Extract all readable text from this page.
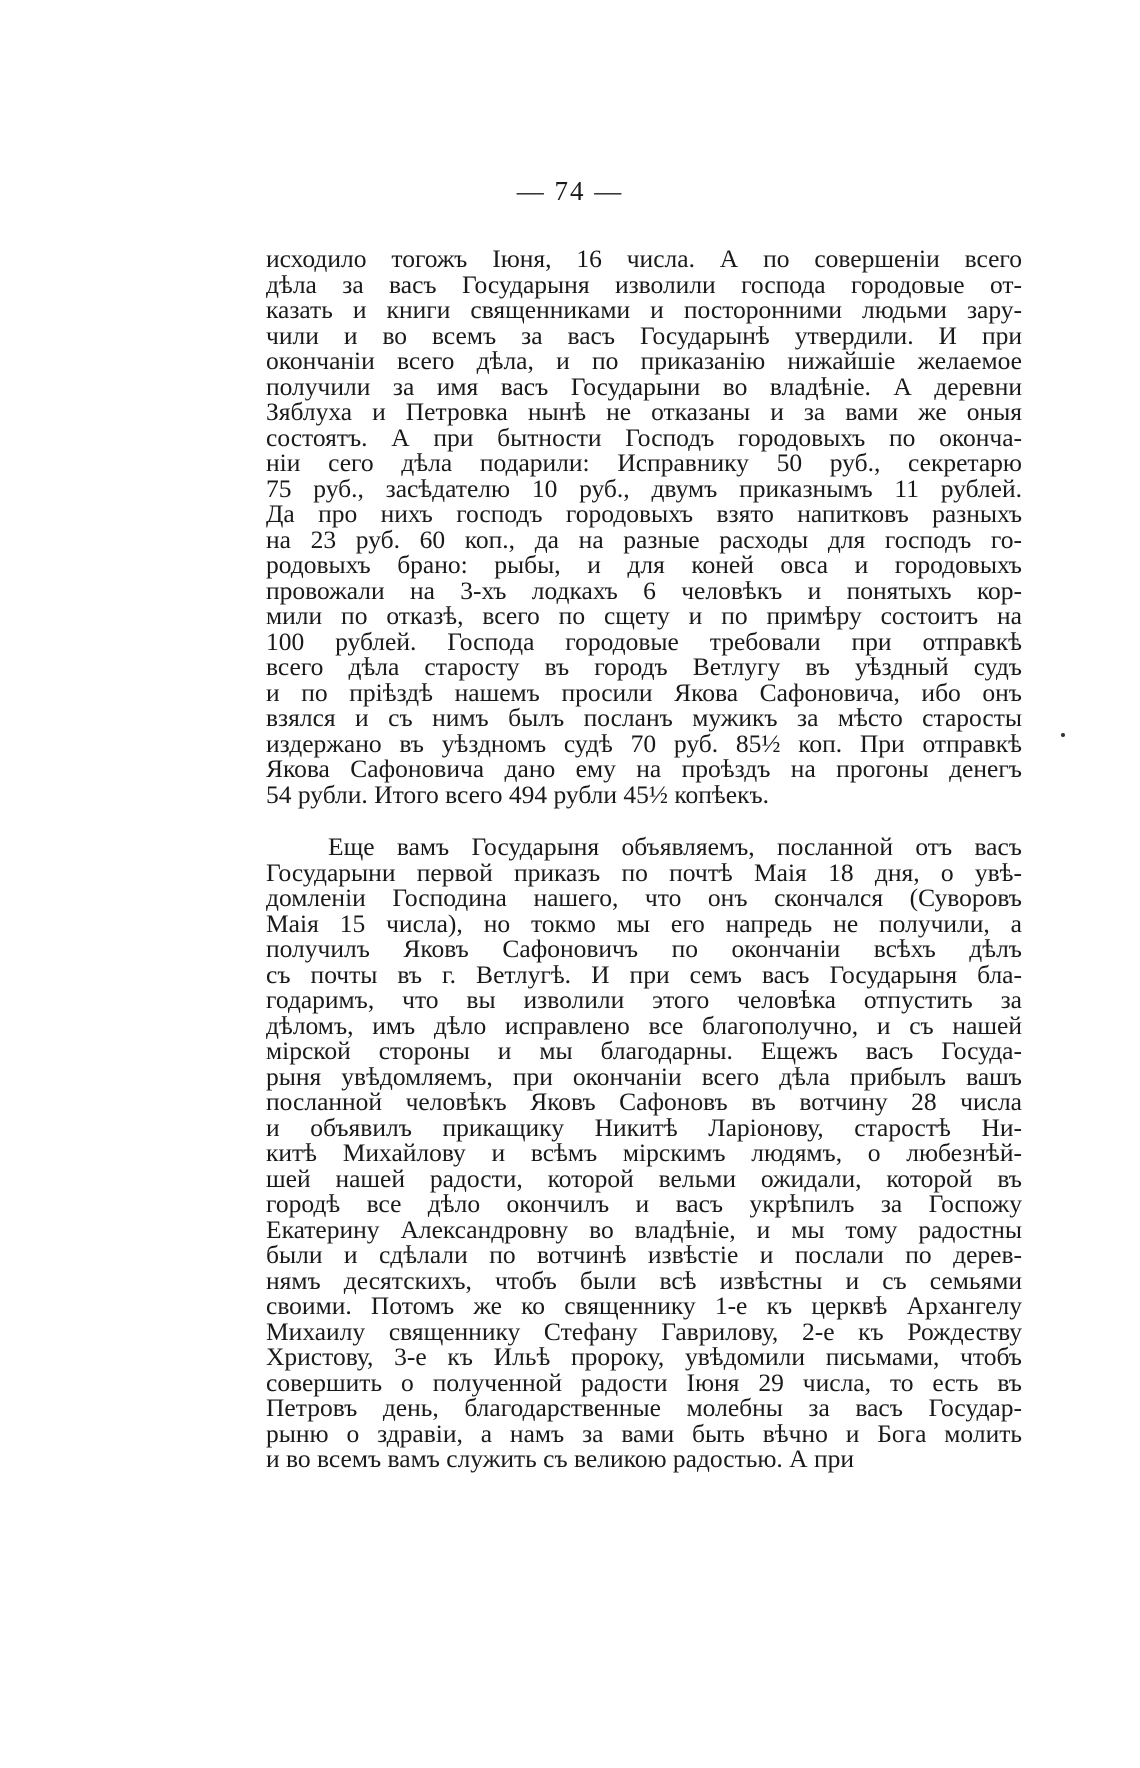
— 74 —
исходило тогожъ Іюня, 16 числа. А по совершеніи всего
дѣла за васъ Государыня изволили господа городовые от-
казать и книги священниками и посторонними людьми зару-
чили и во всемъ за васъ Государынѣ утвердили. И при
окончаніи всего дѣла, и по приказанію нижайшіе желаемое
получили за имя васъ Государыни во владѣніе. А деревни
Зяблуха и Петровка нынѣ не отказаны и за вами же оныя
состоятъ. А при бытности Господъ городовыхъ по оконча-
ніи сего дѣла подарили: Исправнику 50 руб., секретарю
75 руб., засѣдателю 10 руб., двумъ приказнымъ 11 рублей.
Да про нихъ господъ городовыхъ взято напитковъ разныхъ
на 23 руб. 60 коп., да на разные расходы для господъ го-
родовыхъ брано: рыбы, и для коней овса и городовыхъ
провожали на 3-хъ лодкахъ 6 человѣкъ и понятыхъ кор-
мили по отказѣ, всего по сщету и по примѣру состоитъ на
100 рублей. Господа городовые требовали при отправкѣ
всего дѣла старосту въ городъ Ветлугу въ уѣздный судъ
и по пріѣздѣ нашемъ просили Якова Сафоновича, ибо онъ
взялся и съ нимъ былъ посланъ мужикъ за мѣсто старосты
издержано въ уѣздномъ судѣ 70 руб. 85½ коп. При отправкѣ
Якова Сафоновича дано ему на проѣздъ на прогоны денегъ
54 рубли. Итого всего 494 рубли 45½ копѣекъ.
Еще вамъ Государыня объявляемъ, посланной отъ васъ
Государыни первой приказъ по почтѣ Маія 18 дня, о увѣ-
домленіи Господина нашего, что онъ скончался (Суворовъ
Маія 15 числа), но токмо мы его напредь не получили, а
получилъ Яковъ Сафоновичъ по окончаніи всѣхъ дѣлъ
съ почты въ г. Ветлугѣ. И при семъ васъ Государыня бла-
годаримъ, что вы изволили этого человѣка отпустить за
дѣломъ, имъ дѣло исправлено все благополучно, и съ нашей
мірской стороны и мы благодарны. Ещежъ васъ Госуда-
рыня увѣдомляемъ, при окончаніи всего дѣла прибылъ вашъ
посланной человѣкъ Яковъ Сафоновъ въ вотчину 28 числа
и объявилъ прикащику Никитѣ Ларіонову, старостѣ Ни-
китѣ Михайлову и всѣмъ мірскимъ людямъ, о любезнѣй-
шей нашей радости, которой вельми ожидали, которой въ
городѣ все дѣло окончилъ и васъ укрѣпилъ за Госпожу
Екатерину Александровну во владѣніе, и мы тому радостны
были и сдѣлали по вотчинѣ извѣстіе и послали по дерев-
нямъ десятскихъ, чтобъ были всѣ извѣстны и съ семьями
своими. Потомъ же ко священнику 1-е къ церквѣ Архангелу
Михаилу священнику Стефану Гаврилову, 2-е къ Рождеству
Христову, 3-е къ Ильѣ пророку, увѣдомили письмами, чтобъ
совершить о полученной радости Іюня 29 числа, то есть въ
Петровъ день, благодарственные молебны за васъ Государ-
рыню о здравіи, а намъ за вами быть вѣчно и Бога молить
и во всемъ вамъ служить съ великою радостью. А при
